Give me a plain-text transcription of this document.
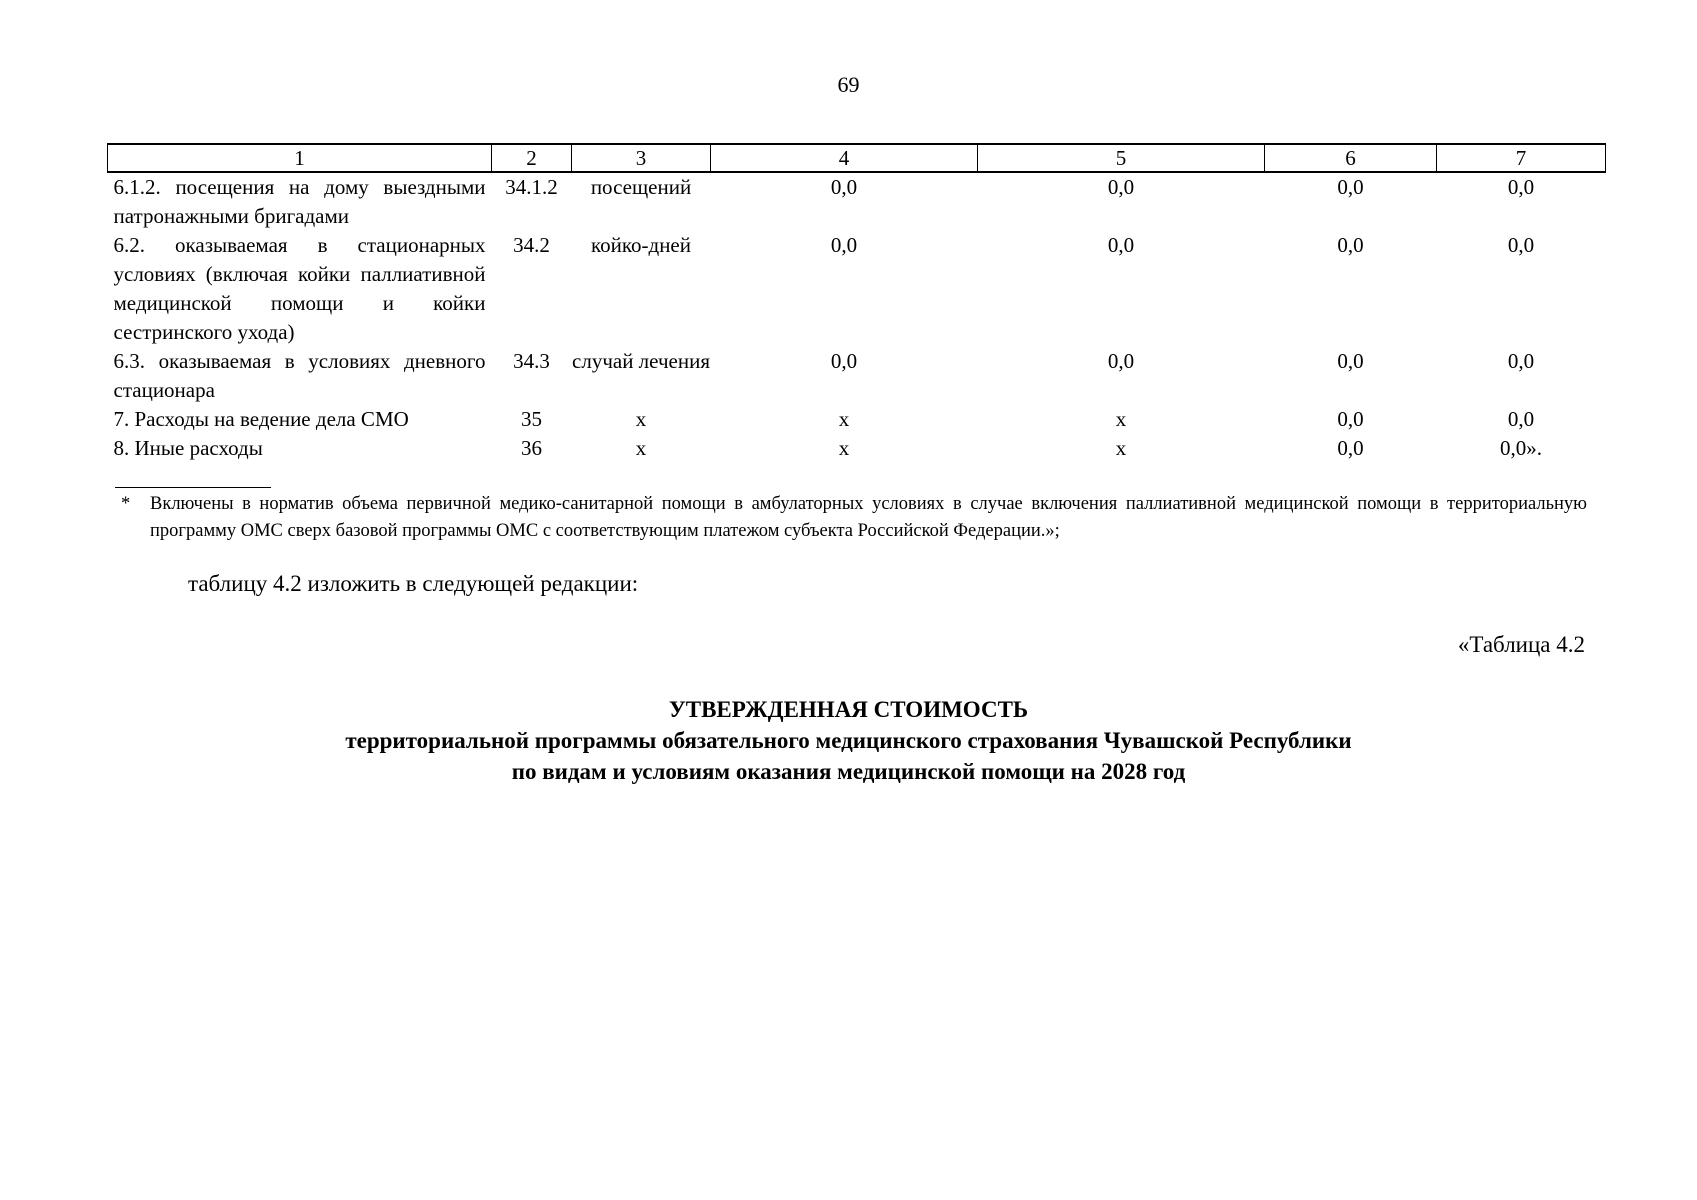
69
1	2	3	4	5	6	7
6.1.2. посещения на дому выездными патронажными бригадами	34.1.2	посещений	0,0	0,0	0,0	0,0
6.2. оказываемая в стационарных условиях (включая койки паллиативной медицинской помощи и койки сестринского ухода)	34.2	койко-дней	0,0	0,0	0,0	0,0
6.3. оказываемая в условиях дневного стационара	34.3	случай лечения	0,0	0,0	0,0	0,0
7. Расходы на ведение дела СМО	35	х	х	х	0,0	0,0
8. Иные расходы	36	х	х	х	0,0	0,0».
* Включены в норматив объема первичной медико-санитарной помощи в амбулаторных условиях в случае включения паллиативной медицинской помощи в территориальную программу ОМС сверх базовой программы ОМС с соответствующим платежом субъекта Российской Федерации.»;
таблицу 4.2 изложить в следующей редакции:
«Таблица 4.2
УТВЕРЖДЕННАЯ СТОИМОСТЬ
территориальной программы обязательного медицинского страхования Чувашской Республики
по видам и условиям оказания медицинской помощи на 2028 год
